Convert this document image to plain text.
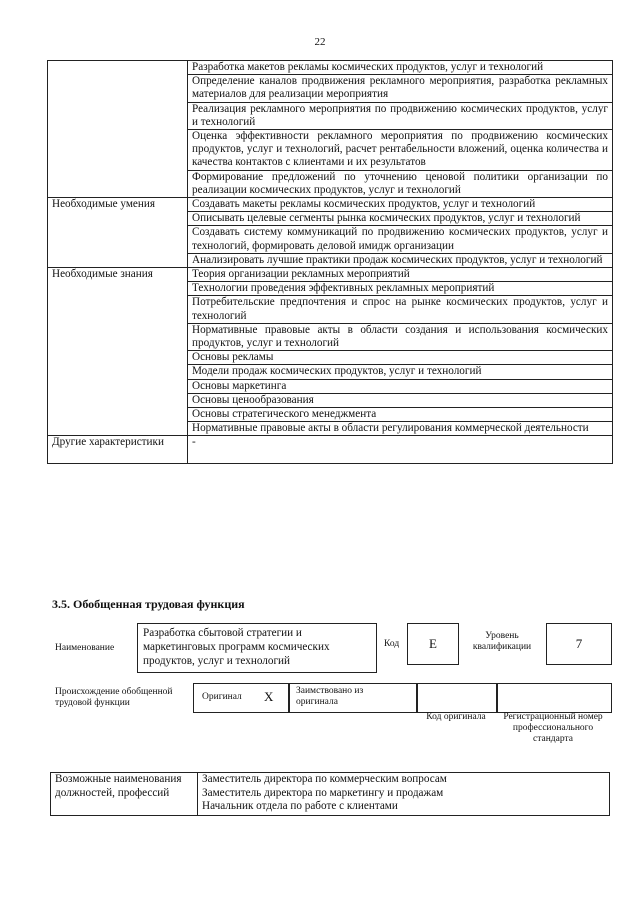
22
	Разработка макетов рекламы космических продуктов, услуг и технологий
	Определение каналов продвижения рекламного мероприятия, разработка рекламных материалов для реализации мероприятия
	Реализация рекламного мероприятия по продвижению космических продуктов, услуг и технологий
	Оценка эффективности рекламного мероприятия по продвижению космических продуктов, услуг и технологий, расчет рентабельности вложений, оценка количества и качества контактов с клиентами и их результатов
	Формирование предложений по уточнению ценовой политики организации по реализации космических продуктов, услуг и технологий
Необходимые умения	Создавать макеты рекламы космических продуктов, услуг и технологий
	Описывать целевые сегменты рынка космических продуктов, услуг и технологий
	Создавать систему коммуникаций по продвижению космических продуктов, услуг и технологий, формировать деловой имидж организации
	Анализировать лучшие практики продаж космических продуктов, услуг и технологий
Необходимые знания	Теория организации рекламных мероприятий
	Технологии проведения эффективных рекламных мероприятий
	Потребительские предпочтения и спрос на рынке космических продуктов, услуг и технологий
	Нормативные правовые акты в области создания и использования космических продуктов, услуг и технологий
	Основы рекламы
	Модели продаж космических продуктов, услуг и технологий
	Основы маркетинга
	Основы ценообразования
	Основы стратегического менеджмента
	Нормативные правовые акты в области регулирования коммерческой деятельности
Другие характеристики	-
3.5. Обобщенная трудовая функция
Наименование
Разработка сбытовой стратегии и маркетинговых программ космических продуктов, услуг и технологий
Код	E	Уровень квалификации	7
Происхождение обобщенной трудовой функции
Оригинал X Заимствовано из оригинала
Код оригинала	Регистрационный номер профессионального стандарта
Возможные наименования должностей, профессий	
Заместитель директора по коммерческим вопросам
Заместитель директора по маркетингу и продажам
Начальник отдела по работе с клиентами
